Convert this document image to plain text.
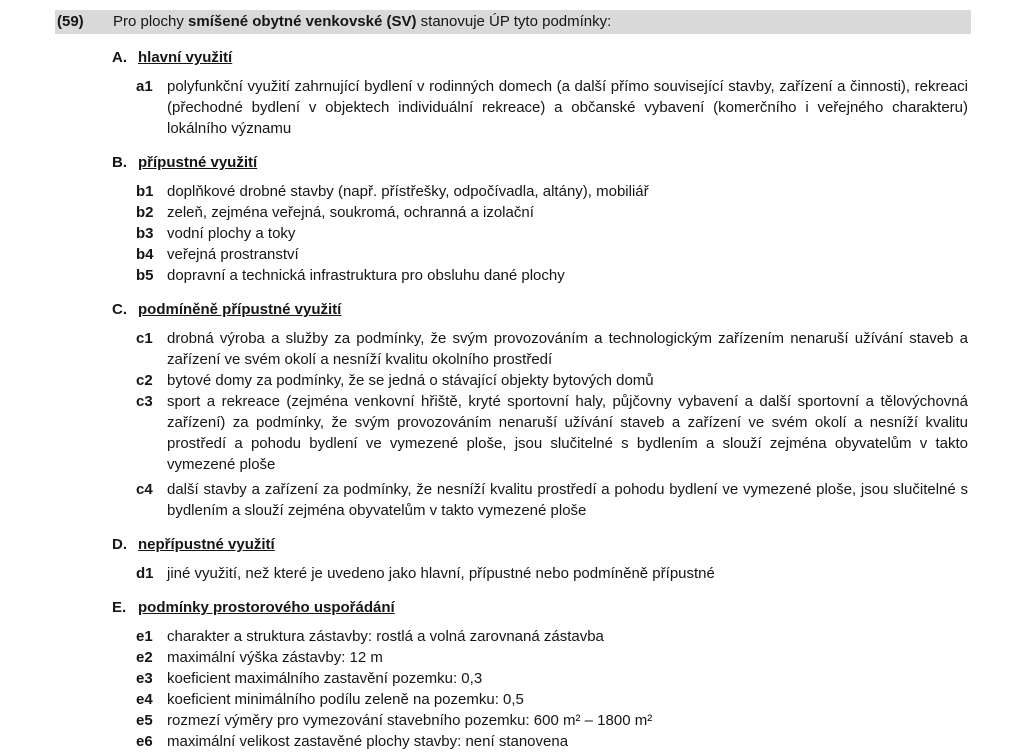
(59)	Pro plochy smíšené obytné venkovské (SV) stanovuje ÚP tyto podmínky:
A. hlavní využití
a1 polyfunkční využití zahrnující bydlení v rodinných domech (a další přímo související stavby, zařízení a činnosti), rekreaci (přechodné bydlení v objektech individuální rekreace) a občanské vybavení (komerčního i veřejného charakteru) lokálního významu
B. přípustné využití
b1 doplňkové drobné stavby (např. přístřešky, odpočívadla, altány), mobiliář
b2 zeleň, zejména veřejná, soukromá, ochranná a izolační
b3 vodní plochy a toky
b4 veřejná prostranství
b5 dopravní a technická infrastruktura pro obsluhu dané plochy
C. podmíněně přípustné využití
c1 drobná výroba a služby za podmínky, že svým provozováním a technologickým zařízením nenaruší užívání staveb a zařízení ve svém okolí a nesníží kvalitu okolního prostředí
c2 bytové domy za podmínky, že se jedná o stávající objekty bytových domů
c3 sport a rekreace (zejména venkovní hřiště, kryté sportovní haly, půjčovny vybavení a další sportovní a tělovýchovná zařízení) za podmínky, že svým provozováním nenaruší užívání staveb a zařízení ve svém okolí a nesníží kvalitu prostředí a pohodu bydlení ve vymezené ploše, jsou slučitelné s bydlením a slouží zejména obyvatelům v takto vymezené ploše
c4 další stavby a zařízení za podmínky, že nesníží kvalitu prostředí a pohodu bydlení ve vymezené ploše, jsou slučitelné s bydlením a slouží zejména obyvatelům v takto vymezené ploše
D. nepřípustné využití
d1 jiné využití, než které je uvedeno jako hlavní, přípustné nebo podmíněně přípustné
E. podmínky prostorového uspořádání
e1 charakter a struktura zástavby: rostlá a volná zarovnaná zástavba
e2 maximální výška zástavby: 12 m
e3 koeficient maximálního zastavění pozemku: 0,3
e4 koeficient minimálního podílu zeleně na pozemku: 0,5
e5 rozmezí výměry pro vymezování stavebního pozemku: 600 m² – 1800 m²
e6 maximální velikost zastavěné plochy stavby: není stanovena
